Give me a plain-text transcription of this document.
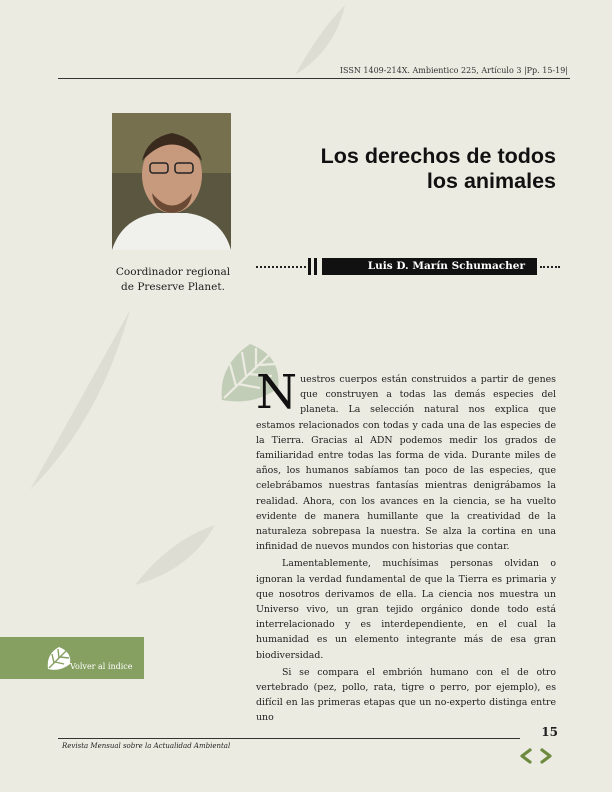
ISSN 1409-214X. Ambientico 225, Artículo 3 |Pp. 15-19|
Coordinador regional
de Preserve Planet.
Los derechos de todos
los animales
Luis D. Marín Schumacher

Nuestros cuerpos están construidos a partir de genes que construyen a todas las demás especies del planeta. La selección natural nos explica que estamos relacionados con todas y cada una de las especies de la Tierra. Gracias al ADN podemos medir los grados de familiaridad entre todas las forma de vida. Durante miles de años, los humanos sabíamos tan poco de las especies, que celebrábamos nuestras fantasías mientras denigrábamos la realidad. Ahora, con los avances en la ciencia, se ha vuelto evidente de manera humillante que la creatividad de la naturaleza sobrepasa la nuestra. Se alza la cortina en una infinidad de nuevos mundos con historias que contar.

Lamentablemente, muchísimas personas olvidan o ignoran la verdad fundamental de que la Tierra es primaria y que nosotros derivamos de ella. La ciencia nos muestra un Universo vivo, un gran tejido orgánico donde todo está interrelacionado y es interdependiente, en el cual la humanidad es un elemento integrante más de esa gran biodiversidad.

Si se compara el embrión humano con el de otro vertebrado (pez, pollo, rata, tigre o perro, por ejemplo), es difícil en las primeras etapas que un no-experto distinga entre uno

Volver al índice
15
Revista Mensual sobre la Actualidad Ambiental
